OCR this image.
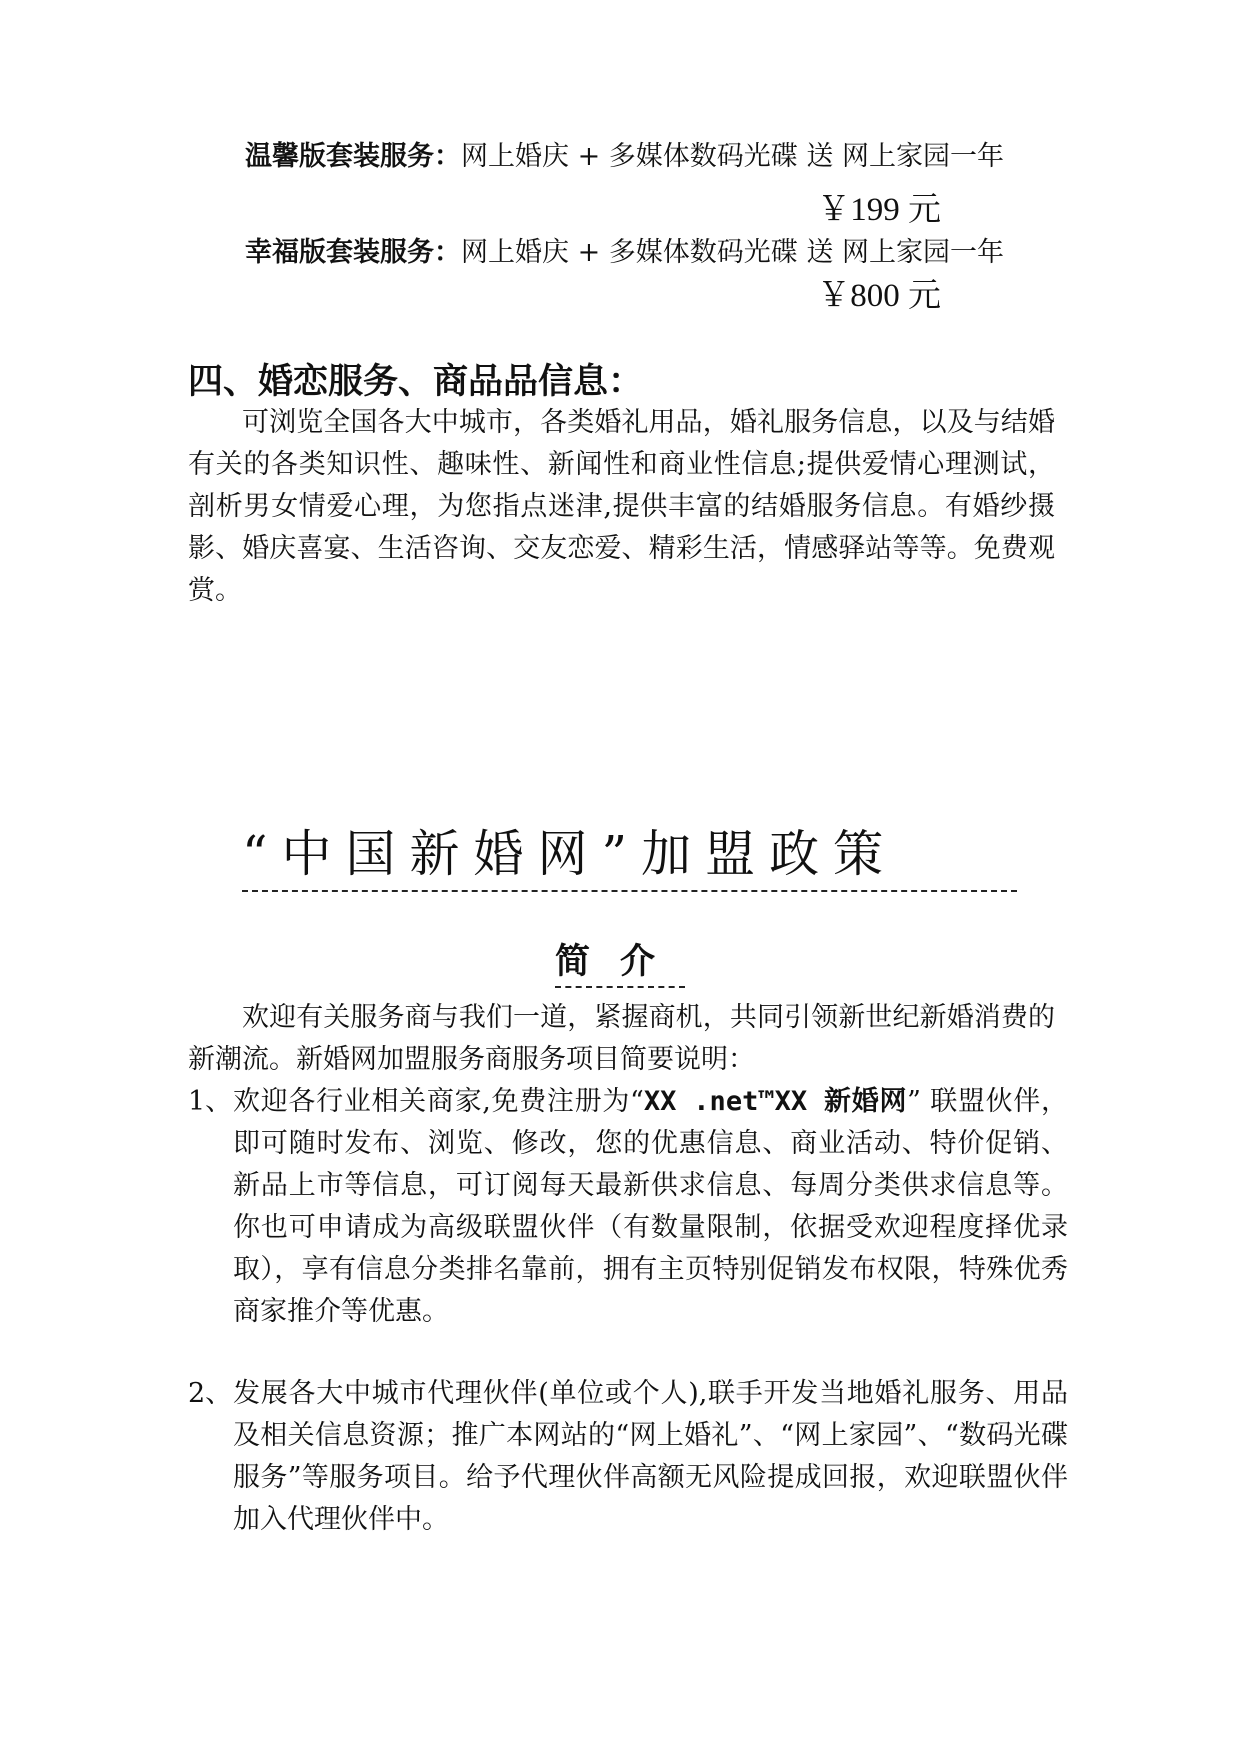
温馨版套装服务：网上婚庆 + 多媒体数码光碟 送 网上家园一年
￥199 元
幸福版套装服务：网上婚庆 + 多媒体数码光碟 送 网上家园一年
￥800 元
四、婚恋服务、商品品信息：
可浏览全国各大中城市，各类婚礼用品，婚礼服务信息，以及与结婚有关的各类知识性、趣味性、新闻性和商业性信息;提供爱情心理测试，剖析男女情爱心理，为您指点迷津,提供丰富的结婚服务信息。有婚纱摄影、婚庆喜宴、生活咨询、交友恋爱、精彩生活，情感驿站等等。免费观赏。
“中国新婚网”加盟政策
简介
欢迎有关服务商与我们一道，紧握商机，共同引领新世纪新婚消费的新潮流。新婚网加盟服务商服务项目简要说明：
1、 欢迎各行业相关商家,免费注册为“XX .net™XX 新婚网” 联盟伙伴，即可随时发布、浏览、修改，您的优惠信息、商业活动、特价促销、新品上市等信息，可订阅每天最新供求信息、每周分类供求信息等。你也可申请成为高级联盟伙伴（有数量限制，依据受欢迎程度择优录取），享有信息分类排名靠前，拥有主页特别促销发布权限，特殊优秀商家推介等优惠。
2、 发展各大中城市代理伙伴(单位或个人),联手开发当地婚礼服务、用品及相关信息资源；推广本网站的“网上婚礼”、“网上家园”、“数码光碟服务”等服务项目。给予代理伙伴高额无风险提成回报，欢迎联盟伙伴加入代理伙伴中。
